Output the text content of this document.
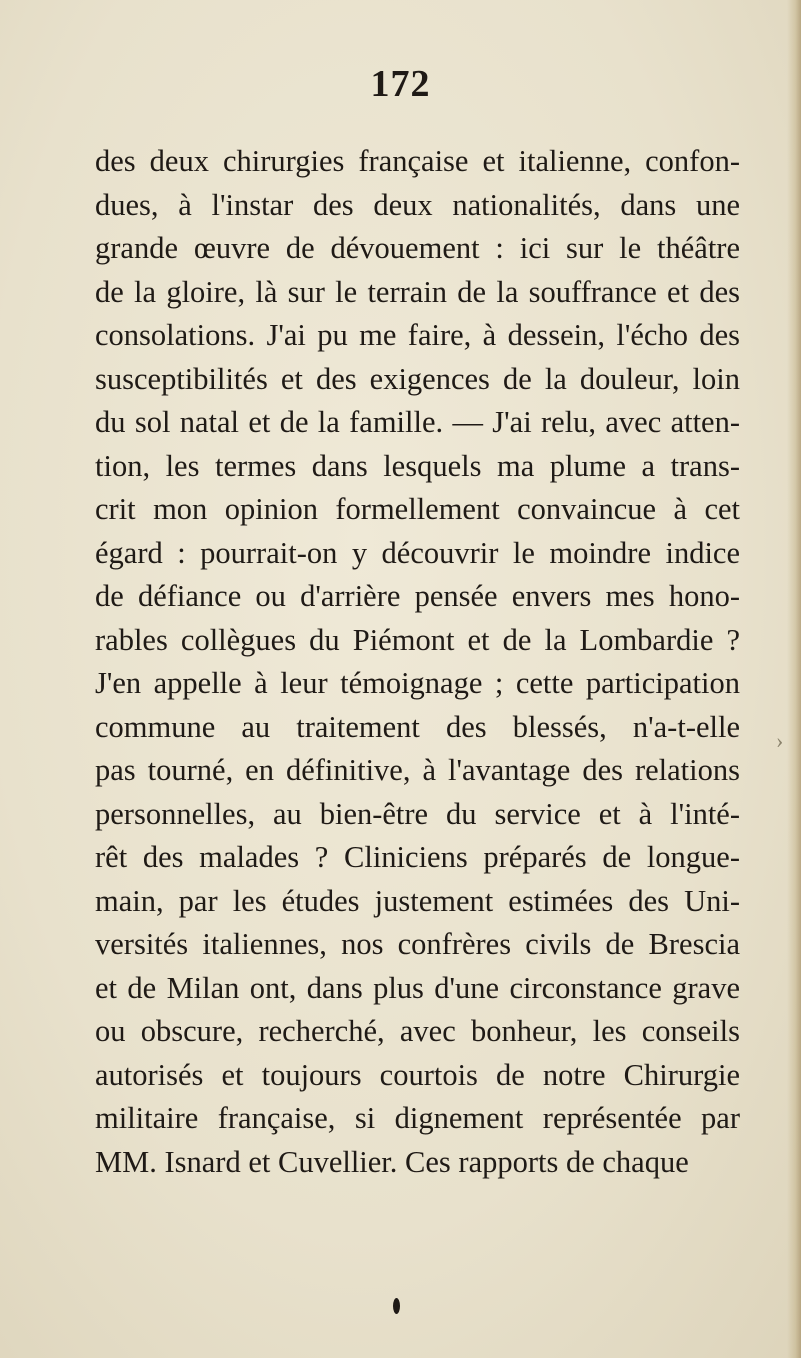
172
des deux chirurgies française et italienne, confon-
dues, à l'instar des deux nationalités, dans une
grande œuvre de dévouement : ici sur le théâtre
de la gloire, là sur le terrain de la souffrance et des
consolations. J'ai pu me faire, à dessein, l'écho des
susceptibilités et des exigences de la douleur, loin
du sol natal et de la famille. — J'ai relu, avec atten-
tion, les termes dans lesquels ma plume a trans-
crit mon opinion formellement convaincue à cet
égard : pourrait-on y découvrir le moindre indice
de défiance ou d'arrière pensée envers mes hono-
rables collègues du Piémont et de la Lombardie ?
J'en appelle à leur témoignage ; cette participation
commune au traitement des blessés, n'a-t-elle
pas tourné, en définitive, à l'avantage des relations
personnelles, au bien-être du service et à l'inté-
rêt des malades ? Cliniciens préparés de longue-
main, par les études justement estimées des Uni-
versités italiennes, nos confrères civils de Brescia
et de Milan ont, dans plus d'une circonstance grave
ou obscure, recherché, avec bonheur, les conseils
autorisés et toujours courtois de notre Chirurgie
militaire française, si dignement représentée par
MM. Isnard et Cuvellier. Ces rapports de chaque
›
